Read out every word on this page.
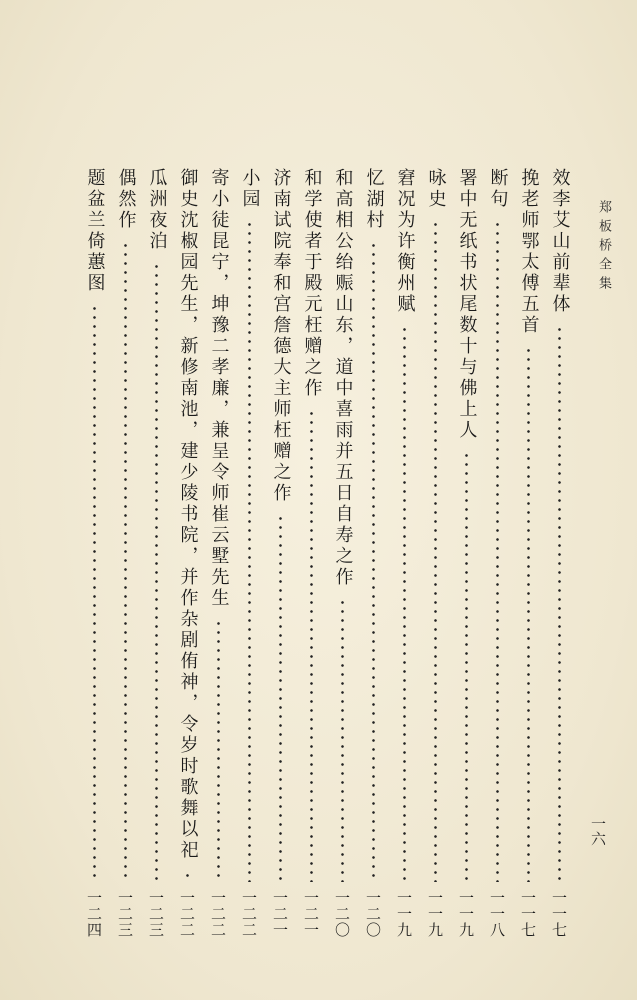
郑板桥全集
一六
效李艾山前辈体
一一七
挽老师鄂太傅五首
一一七
断句
一一八
署中无纸书状尾数十与佛上人
一一九
咏史
一一九
窘况为许衡州赋
一一九
忆湖村
一二〇
和高相公绐赈山东，道中喜雨并五日自寿之作
一二〇
和学使者于殿元枉赠之作
一二一
济南试院奉和宫詹德大主师枉赠之作
一二一
小园
一二二
寄小徒昆宁，坤豫二孝廉，兼呈令师崔云墅先生
一二二
御史沈椒园先生，新修南池，建少陵书院，并作杂剧侑神，令岁时歌舞以祀
一二二
瓜洲夜泊
一二三
偶然作
一二三
题盆兰倚蕙图
一二四
